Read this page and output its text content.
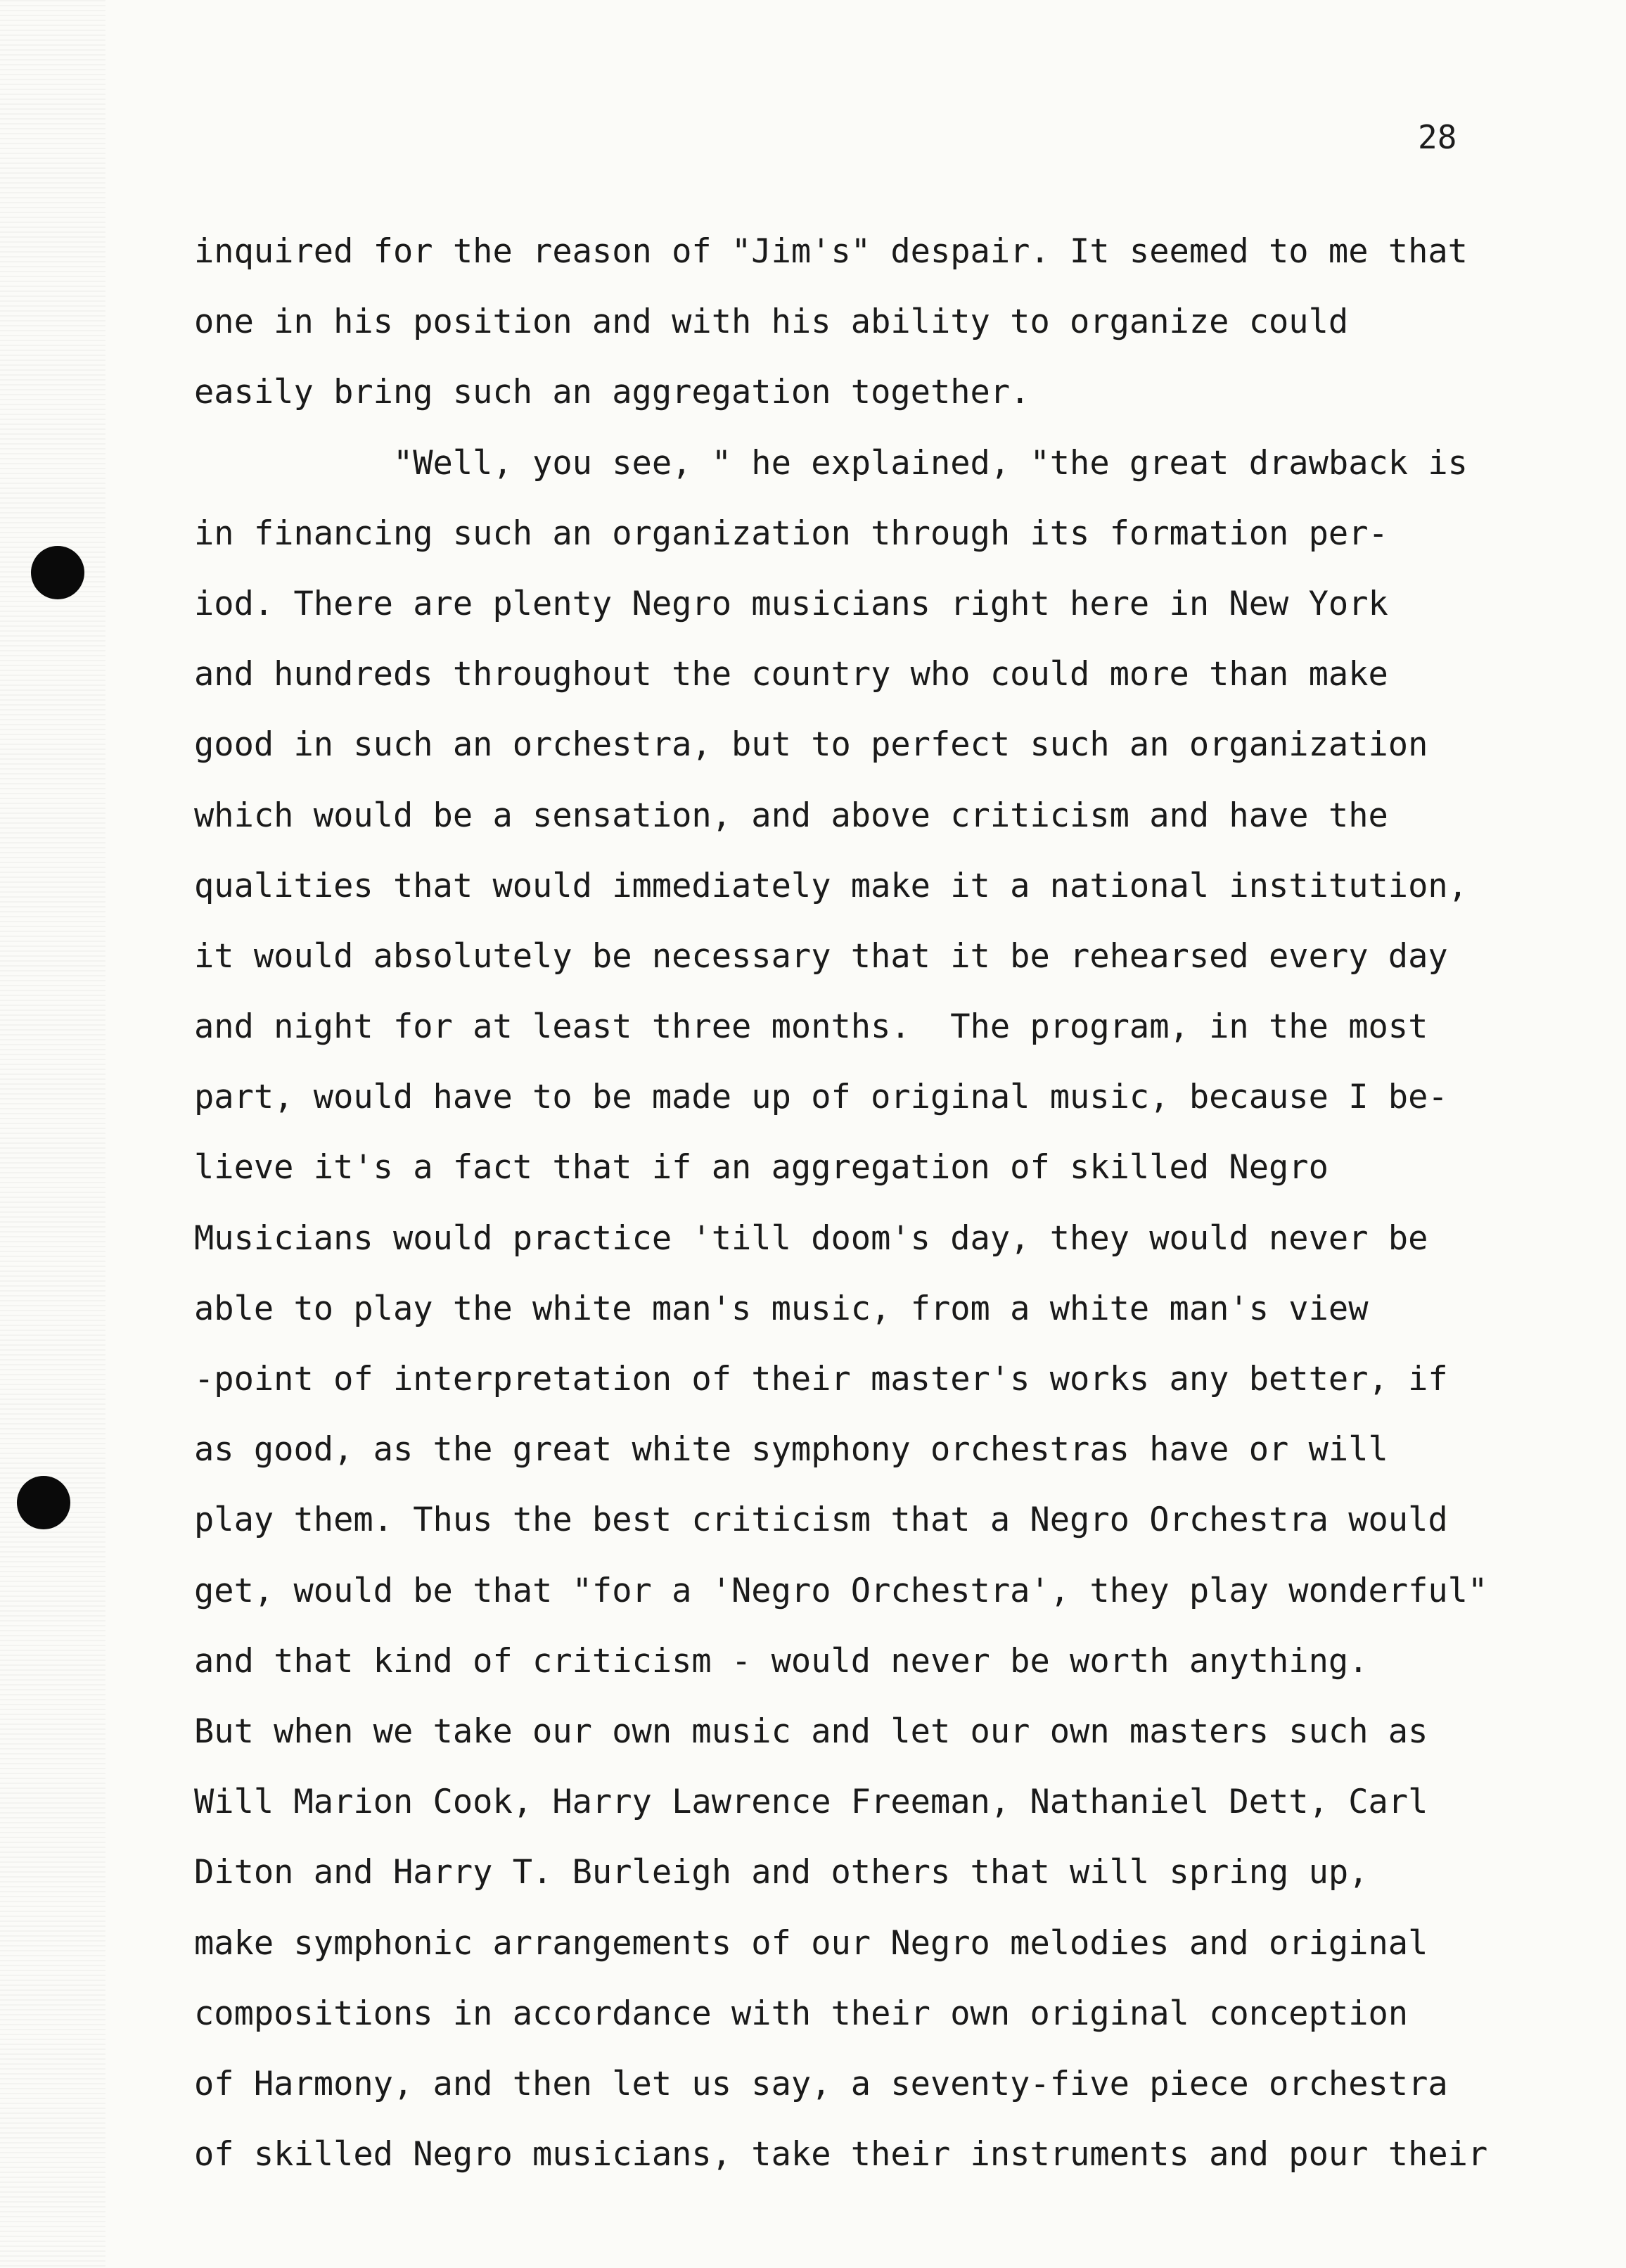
28
inquired for the reason of "Jim's" despair. It seemed to me that
one in his position and with his ability to organize could
easily bring such an aggregation together.
"Well, you see, " he explained, "the great drawback is
in financing such an organization through its formation per-
iod. There are plenty Negro musicians right here in New York
and hundreds throughout the country who could more than make
good in such an orchestra, but to perfect such an organization
which would be a sensation, and above criticism and have the
qualities that would immediately make it a national institution,
it would absolutely be necessary that it be rehearsed every day
and night for at least three months.  The program, in the most
part, would have to be made up of original music, because I be-
lieve it's a fact that if an aggregation of skilled Negro
Musicians would practice 'till doom's day, they would never be
able to play the white man's music, from a white man's view
-point of interpretation of their master's works any better, if
as good, as the great white symphony orchestras have or will
play them. Thus the best criticism that a Negro Orchestra would
get, would be that "for a 'Negro Orchestra', they play wonderful"
and that kind of criticism - would never be worth anything.
But when we take our own music and let our own masters such as
Will Marion Cook, Harry Lawrence Freeman, Nathaniel Dett, Carl
Diton and Harry T. Burleigh and others that will spring up,
make symphonic arrangements of our Negro melodies and original
compositions in accordance with their own original conception
of Harmony, and then let us say, a seventy-five piece orchestra
of skilled Negro musicians, take their instruments and pour their
